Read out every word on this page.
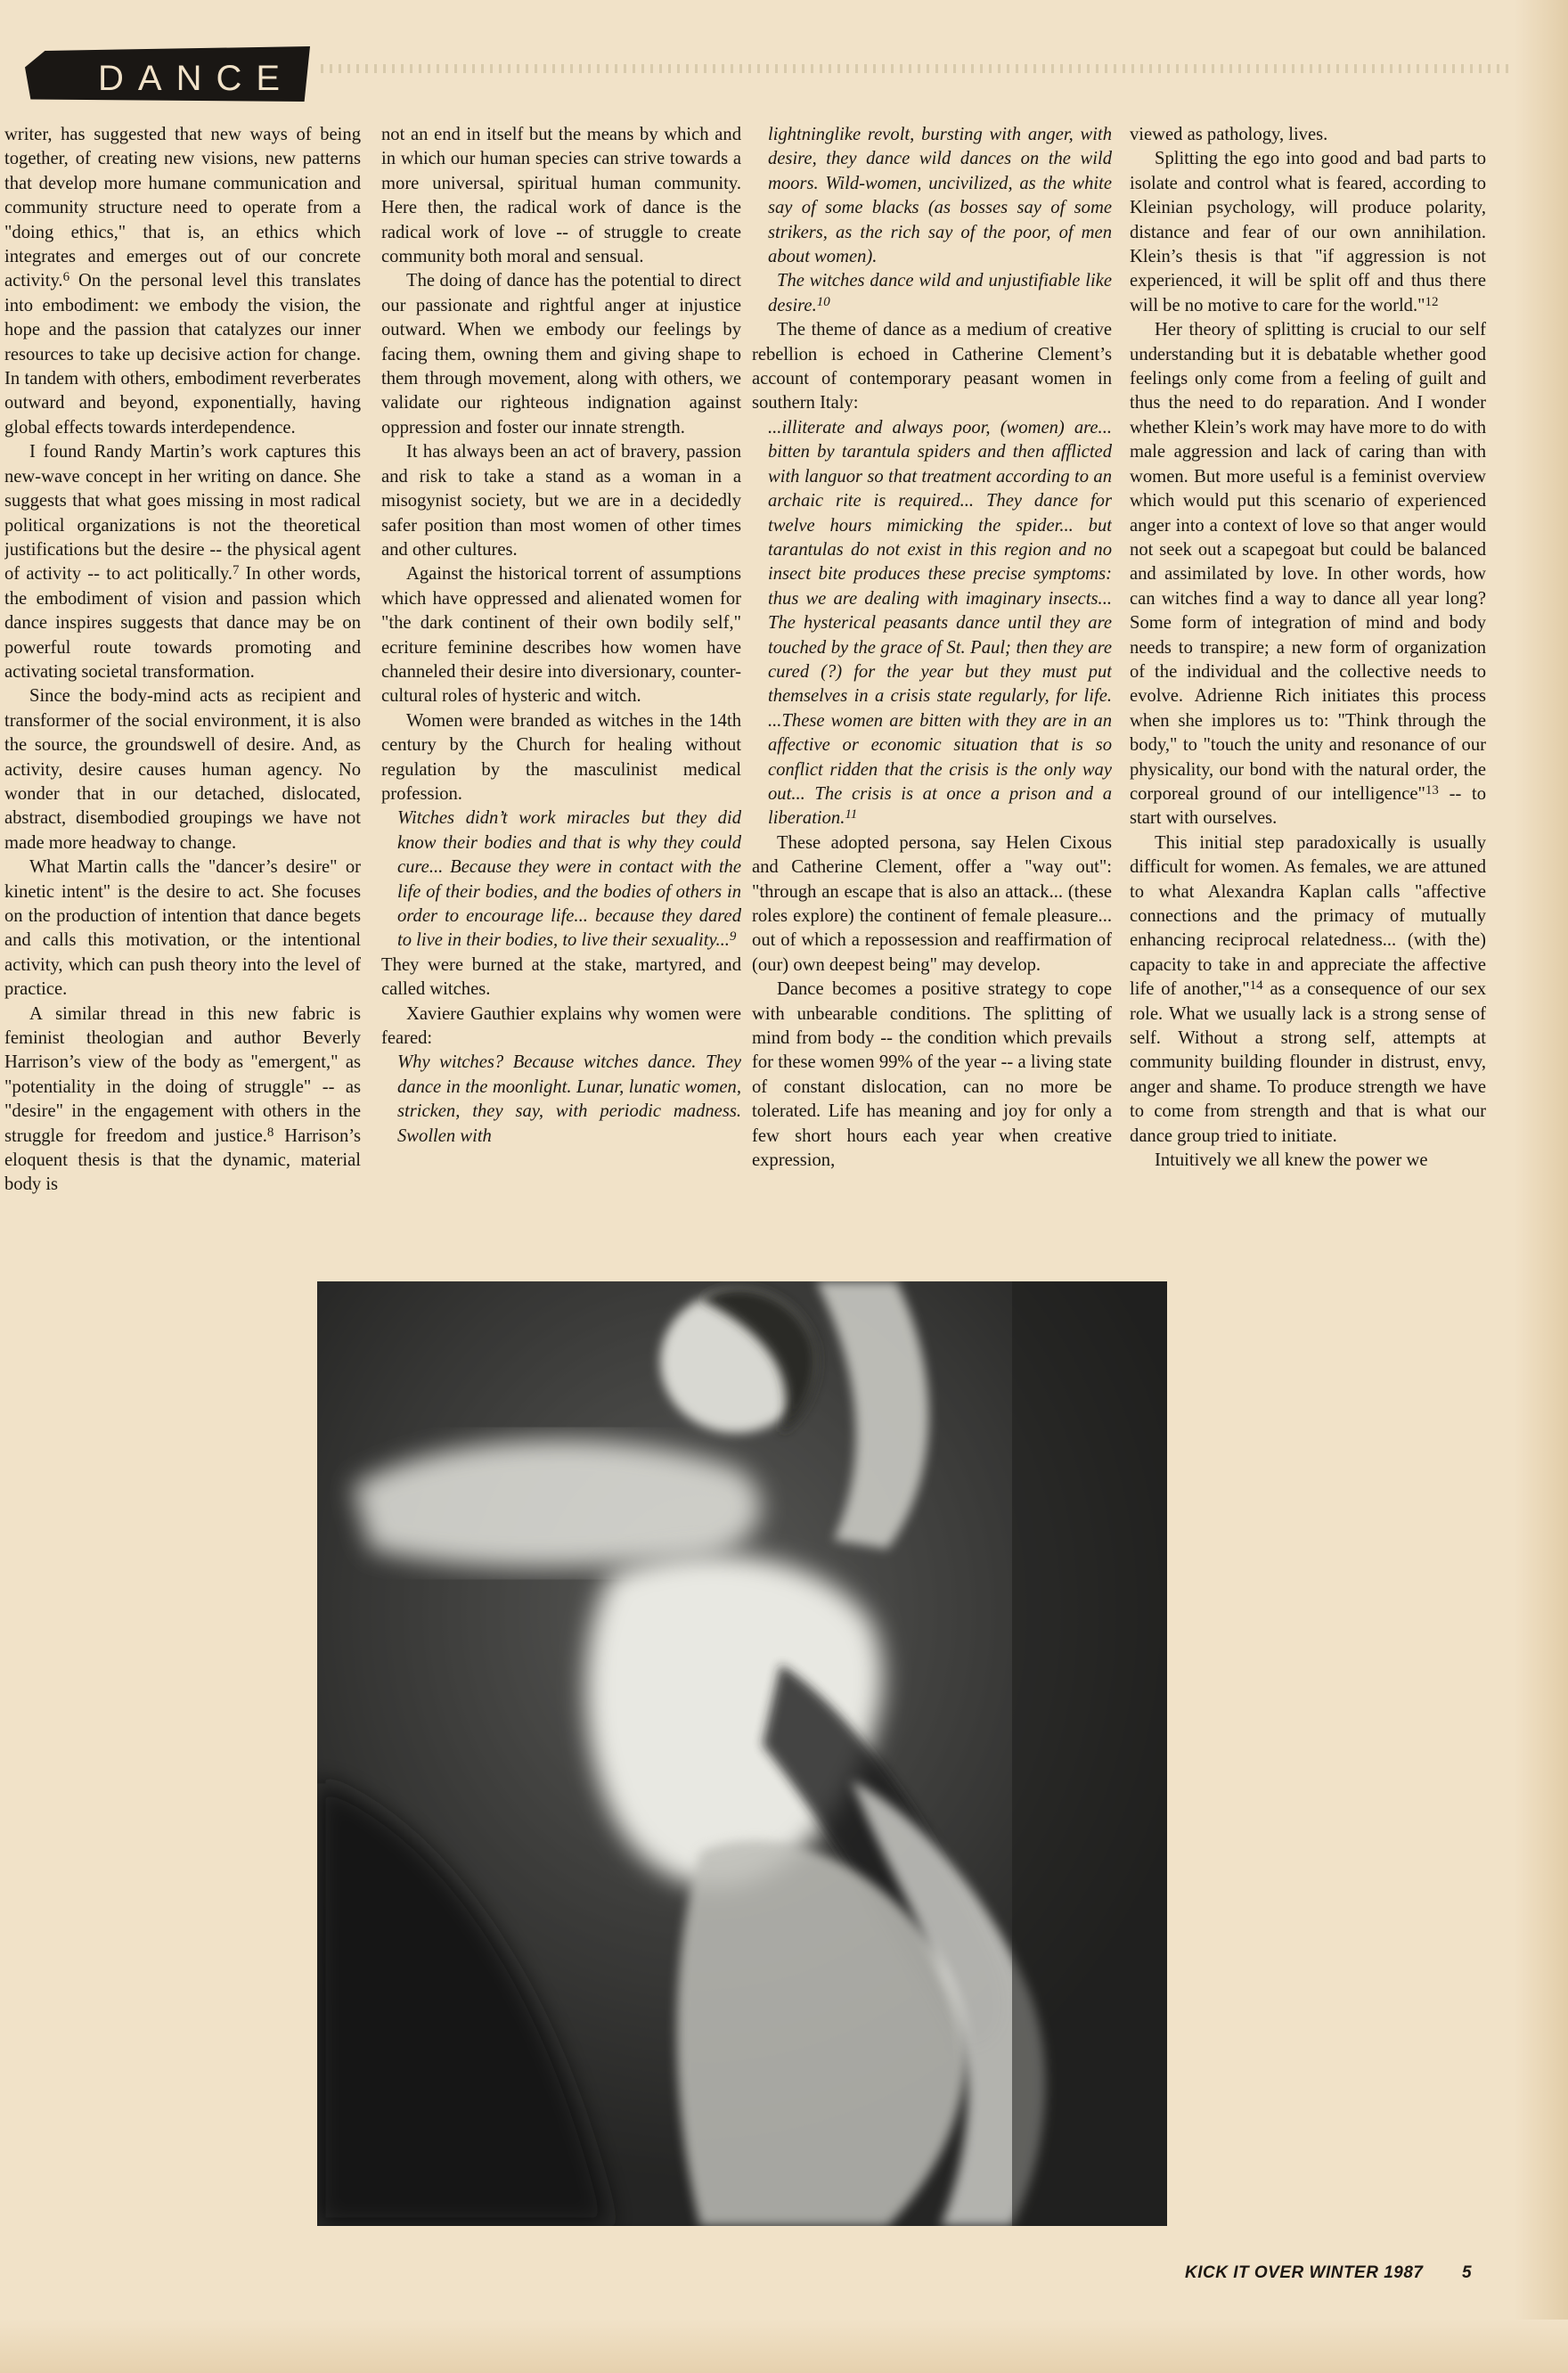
DANCE

writer, has suggested that new ways of being together, of creating new visions, new patterns that develop more humane communication and community structure need to operate from a "doing ethics," that is, an ethics which integrates and emerges out of our concrete activity.$^6$ On the personal level this translates into embodiment: we embody the vision, the hope and the passion that catalyzes our inner resources to take up decisive action for change. In tandem with others, embodiment reverberates outward and beyond, exponentially, having global effects towards interdependence.

I found Randy Martin’s work captures this new-wave concept in her writing on dance. She suggests that what goes missing in most radical political organizations is not the theoretical justifications but the desire -- the physical agent of activity -- to act politically.$^7$ In other words, the embodiment of vision and passion which dance inspires suggests that dance may be on powerful route towards promoting and activating societal transformation.

Since the body-mind acts as recipient and transformer of the social environment, it is also the source, the groundswell of desire. And, as activity, desire causes human agency. No wonder that in our detached, dislocated, abstract, disembodied groupings we have not made more headway to change.

What Martin calls the "dancer’s desire" or kinetic intent" is the desire to act. She focuses on the production of intention that dance begets and calls this motivation, or the intentional activity, which can push theory into the level of practice.

A similar thread in this new fabric is feminist theologian and author Beverly Harrison’s view of the body as "emergent," as "potentiality in the doing of struggle" -- as "desire" in the engagement with others in the struggle for freedom and justice.$^8$ Harrison’s eloquent thesis is that the dynamic, material body is

not an end in itself but the means by which and in which our human species can strive towards a more universal, spiritual human community. Here then, the radical work of dance is the radical work of love -- of struggle to create community both moral and sensual.

The doing of dance has the potential to direct our passionate and rightful anger at injustice outward. When we embody our feelings by facing them, owning them and giving shape to them through movement, along with others, we validate our righteous indignation against oppression and foster our innate strength.

It has always been an act of bravery, passion and risk to take a stand as a woman in a misogynist society, but we are in a decidedly safer position than most women of other times and other cultures.

Against the historical torrent of assumptions which have oppressed and alienated women for "the dark continent of their own bodily self," ecriture feminine describes how women have channeled their desire into diversionary, counter-cultural roles of hysteric and witch.

Women were branded as witches in the 14th century by the Church for healing without regulation by the masculinist medical profession.

Witches didn’t work miracles but they did know their bodies and that is why they could cure... Because they were in contact with the life of their bodies, and the bodies of others in order to encourage life... because they dared to live in their bodies, to live their sexuality...$^9$

They were burned at the stake, martyred, and called witches.

Xaviere Gauthier explains why women were feared:

Why witches? Because witches dance. They dance in the moonlight. Lunar, lunatic women, stricken, they say, with periodic madness. Swollen with

lightninglike revolt, bursting with anger, with desire, they dance wild dances on the wild moors. Wild-women, uncivilized, as the white say of some blacks (as bosses say of some strikers, as the rich say of the poor, of men about women).

The witches dance wild and unjustifiable like desire.$^{10}$

The theme of dance as a medium of creative rebellion is echoed in Catherine Clement’s account of contemporary peasant women in southern Italy:

...illiterate and always poor, (women) are... bitten by tarantula spiders and then afflicted with languor so that treatment according to an archaic rite is required... They dance for twelve hours mimicking the spider... but tarantulas do not exist in this region and no insect bite produces these precise symptoms: thus we are dealing with imaginary insects... The hysterical peasants dance until they are touched by the grace of St. Paul; then they are cured (?) for the year but they must put themselves in a crisis state regularly, for life. ...These women are bitten with they are in an affective or economic situation that is so conflict ridden that the crisis is the only way out... The crisis is at once a prison and a liberation.$^{11}$

These adopted persona, say Helen Cixous and Catherine Clement, offer a "way out": "through an escape that is also an attack... (these roles explore) the continent of female pleasure... out of which a repossession and reaffirmation of (our) own deepest being" may develop.

Dance becomes a positive strategy to cope with unbearable conditions. The splitting of mind from body -- the condition which prevails for these women 99% of the year -- a living state of constant dislocation, can no more be tolerated. Life has meaning and joy for only a few short hours each year when creative expression,

viewed as pathology, lives.

Splitting the ego into good and bad parts to isolate and control what is feared, according to Kleinian psychology, will produce polarity, distance and fear of our own annihilation. Klein’s thesis is that "if aggression is not experienced, it will be split off and thus there will be no motive to care for the world."$^{12}$

Her theory of splitting is crucial to our self understanding but it is debatable whether good feelings only come from a feeling of guilt and thus the need to do reparation. And I wonder whether Klein’s work may have more to do with male aggression and lack of caring than with women. But more useful is a feminist overview which would put this scenario of experienced anger into a context of love so that anger would not seek out a scapegoat but could be balanced and assimilated by love. In other words, how can witches find a way to dance all year long? Some form of integration of mind and body needs to transpire; a new form of organization of the individual and the collective needs to evolve. Adrienne Rich initiates this process when she implores us to: "Think through the body," to "touch the unity and resonance of our physicality, our bond with the natural order, the corporeal ground of our intelligence"$^{13}$ -- to start with ourselves.

This initial step paradoxically is usually difficult for women. As females, we are attuned to what Alexandra Kaplan calls "affective connections and the primacy of mutually enhancing reciprocal relatedness... (with the) capacity to take in and appreciate the affective life of another,"$^{14}$ as a consequence of our sex role. What we usually lack is a strong sense of self. Without a strong self, attempts at community building flounder in distrust, envy, anger and shame. To produce strength we have to come from strength and that is what our dance group tried to initiate.

Intuitively we all knew the power we

KICK IT OVER WINTER 1987 5
